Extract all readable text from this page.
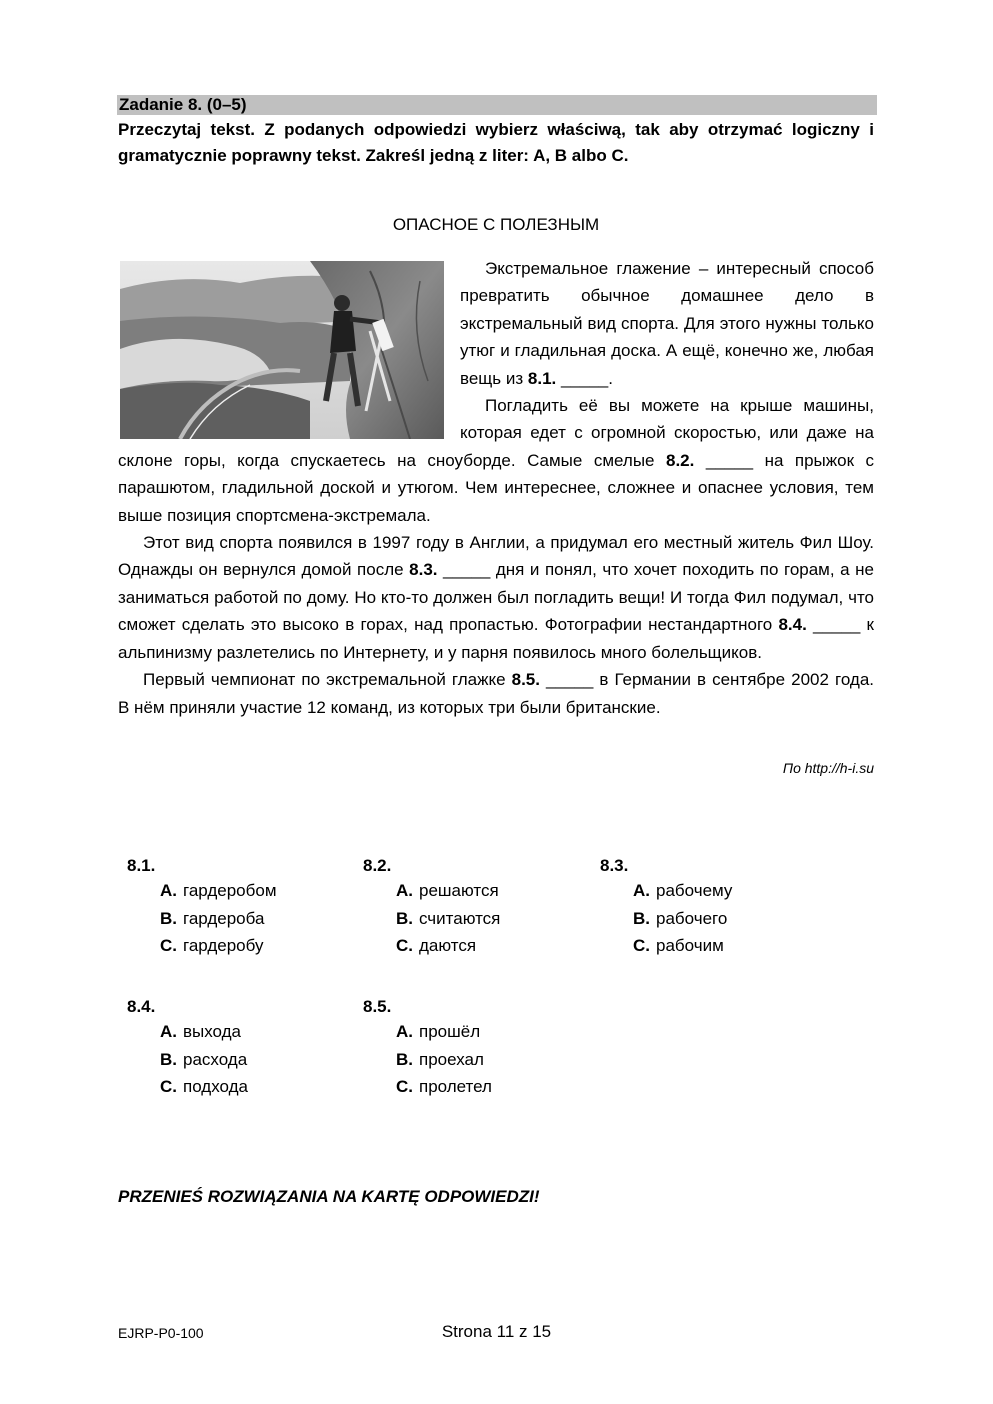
Zadanie 8. (0–5)
Przeczytaj tekst. Z podanych odpowiedzi wybierz właściwą, tak aby otrzymać logiczny i gramatycznie poprawny tekst. Zakreśl jedną z liter: A, B albo C.
ОПАСНОЕ С ПОЛЕЗНЫМ

Экстремальное глажение – интересный способ превратить обычное домашнее дело в экстремальный вид спорта. Для этого нужны только утюг и гладильная доска. А ещё, конечно же, любая вещь из 8.1. _____.

Погладить её вы можете на крыше машины, которая едет с огромной скоростью, или даже на склоне горы, когда спускаетесь на сноуборде. Самые смелые 8.2. _____ на прыжок с парашютом, гладильной доской и утюгом. Чем интереснее, сложнее и опаснее условия, тем выше позиция спортсмена-экстремала.

Этот вид спорта появился в 1997 году в Англии, а придумал его местный житель Фил Шоу. Однажды он вернулся домой после 8.3. _____ дня и понял, что хочет походить по горам, а не заниматься работой по дому. Но кто-то должен был погладить вещи! И тогда Фил подумал, что сможет сделать это высоко в горах, над пропастью. Фотографии нестандартного 8.4. _____ к альпинизму разлетелись по Интернету, и у парня появилось много болельщиков.

Первый чемпионат по экстремальной глажке 8.5. _____ в Германии в сентябре 2002 года. В нём приняли участие 12 команд, из которых три были британские.

По http://h-i.su
8.1.
A. гардеробом
B. гардероба
C. гардеробу
8.2.
A. решаются
B. считаются
C. даются
8.3.
A. рабочему
B. рабочего
C. рабочим
8.4.
A. выхода
B. расхода
C. подхода
8.5.
A. прошёл
B. проехал
C. пролетел
PRZENIEŚ ROZWIĄZANIA NA KARTĘ ODPOWIEDZI!
EJRP-P0-100	Strona 11 z 15
